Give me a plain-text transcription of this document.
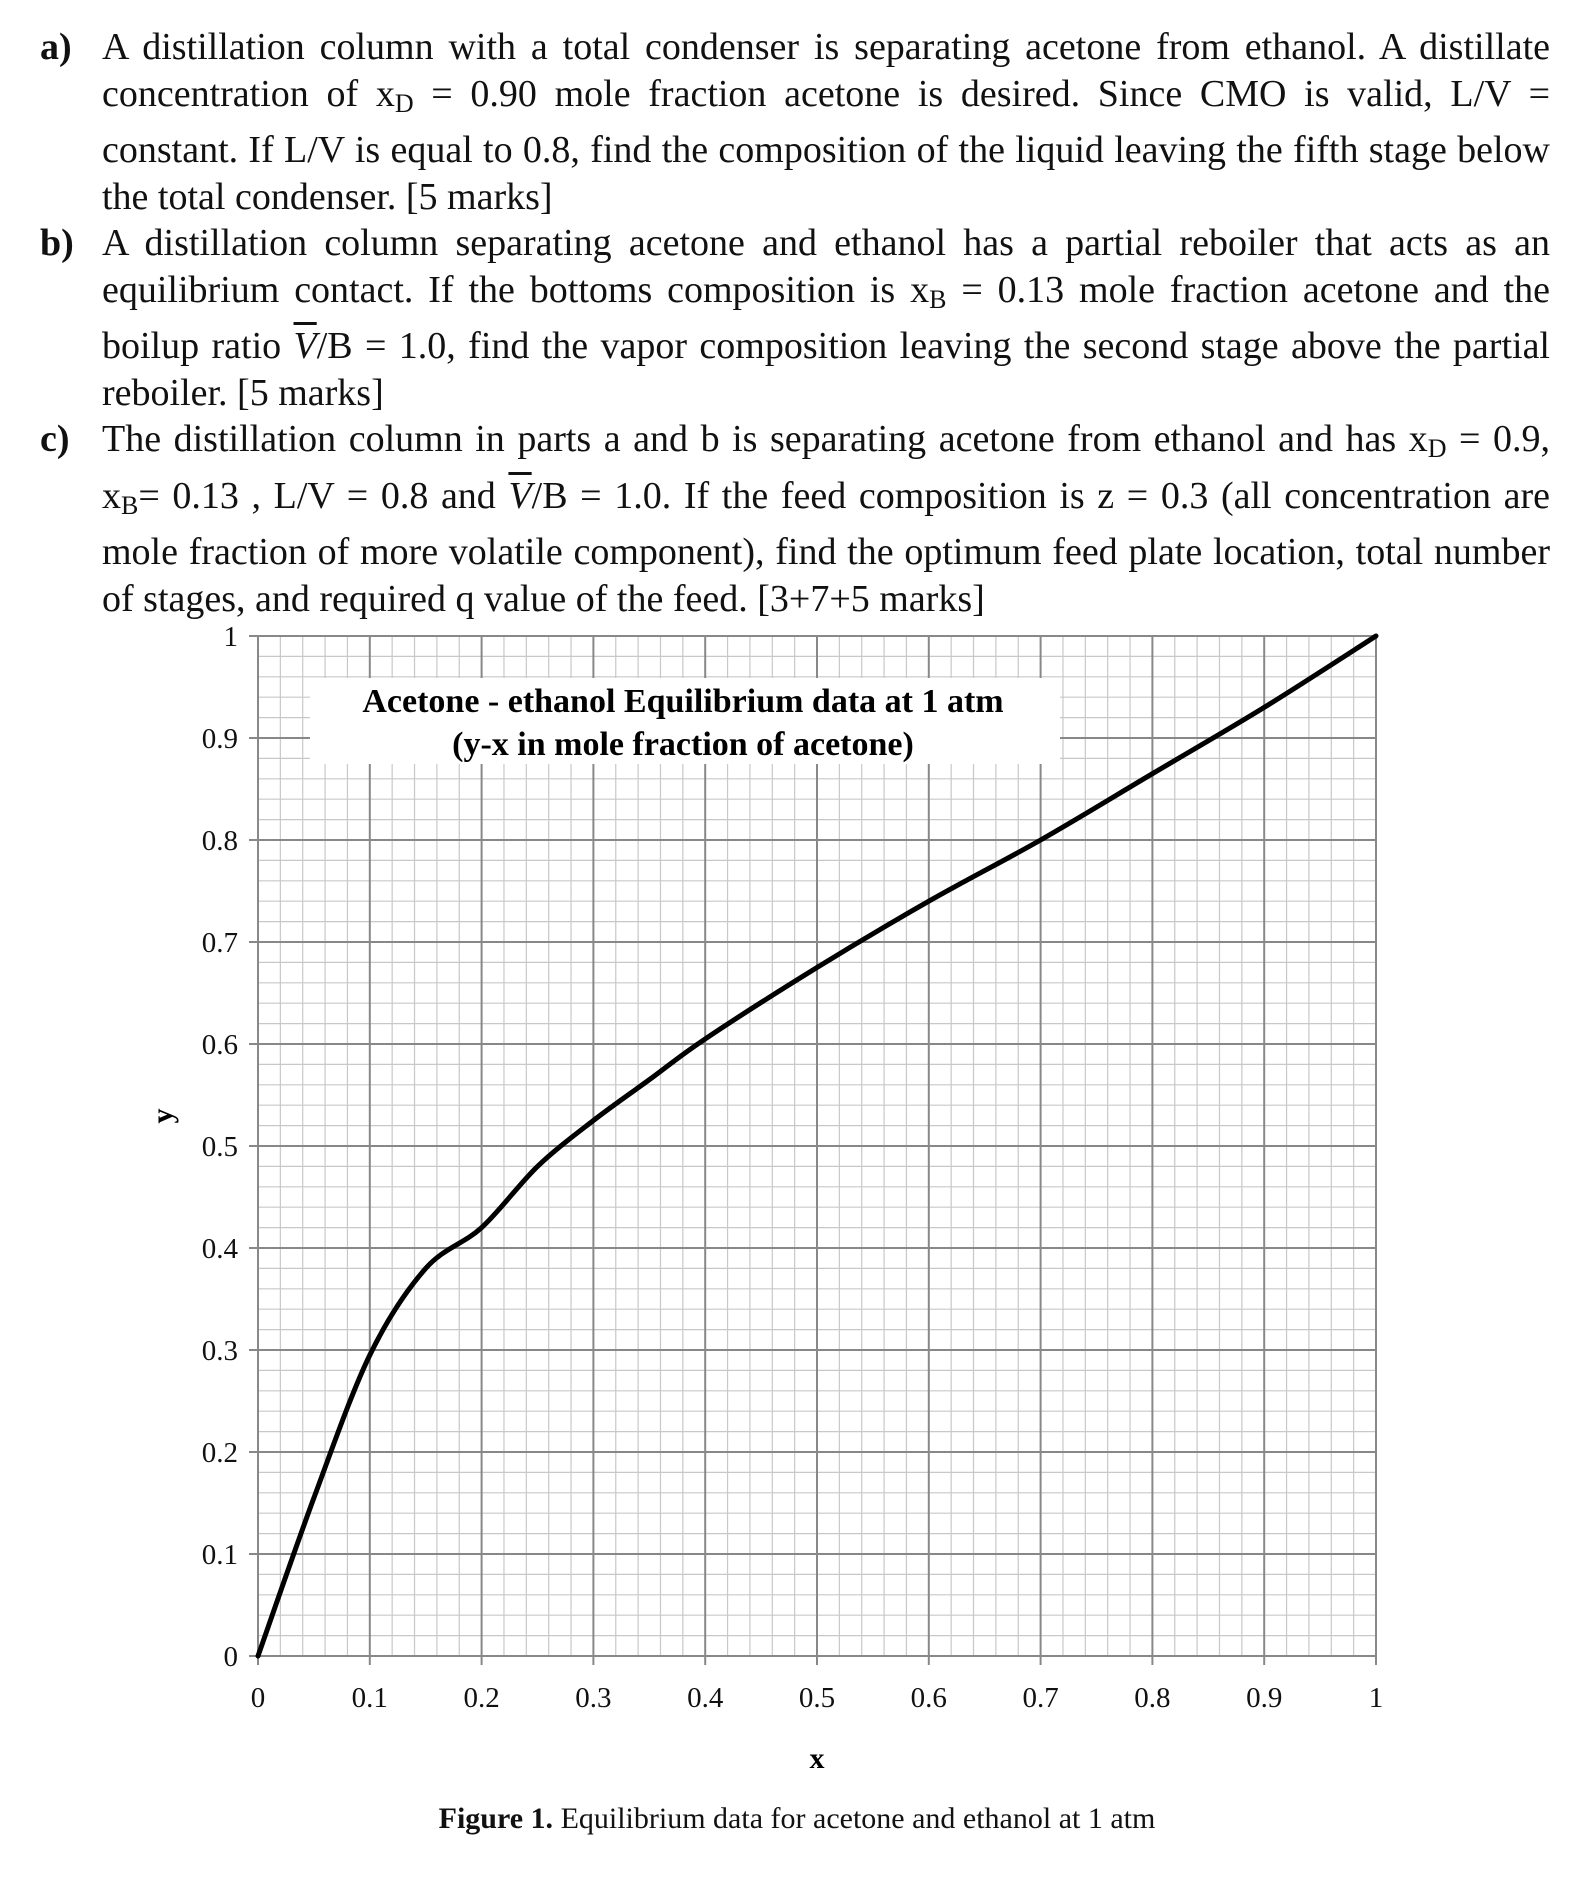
a) A distillation column with a total condenser is separating acetone from ethanol. A distillate concentration of $x_D = 0.90$ mole fraction acetone is desired. Since CMO is valid, L/V = constant. If L/V is equal to 0.8, find the composition of the liquid leaving the fifth stage below the total condenser. [5 marks]
b) A distillation column separating acetone and ethanol has a partial reboiler that acts as an equilibrium contact. If the bottoms composition is $x_B = 0.13$ mole fraction acetone and the boilup ratio $\overline{V}/B = 1.0$, find the vapor composition leaving the second stage above the partial reboiler. [5 marks]
c) The distillation column in parts a and b is separating acetone from ethanol and has $x_D = 0.9$, $x_B= 0.13$ , L/V = 0.8 and $\overline{V}/B = 1.0$. If the feed composition is z = 0.3 (all concentration are mole fraction of more volatile component), find the optimum feed plate location, total number of stages, and required q value of the feed. [3+7+5 marks]
Acetone - ethanol Equilibrium data at 1 atm
(y-x in mole fraction of acetone)
0	0.1	0.2	0.3	0.4	0.5	0.6	0.7	0.8	0.9	1
0
0.1
0.2
0.3
0.4
0.5
0.6
0.7
0.8
0.9
1
x
y

Figure 1. Equilibrium data for acetone and ethanol at 1 atm
